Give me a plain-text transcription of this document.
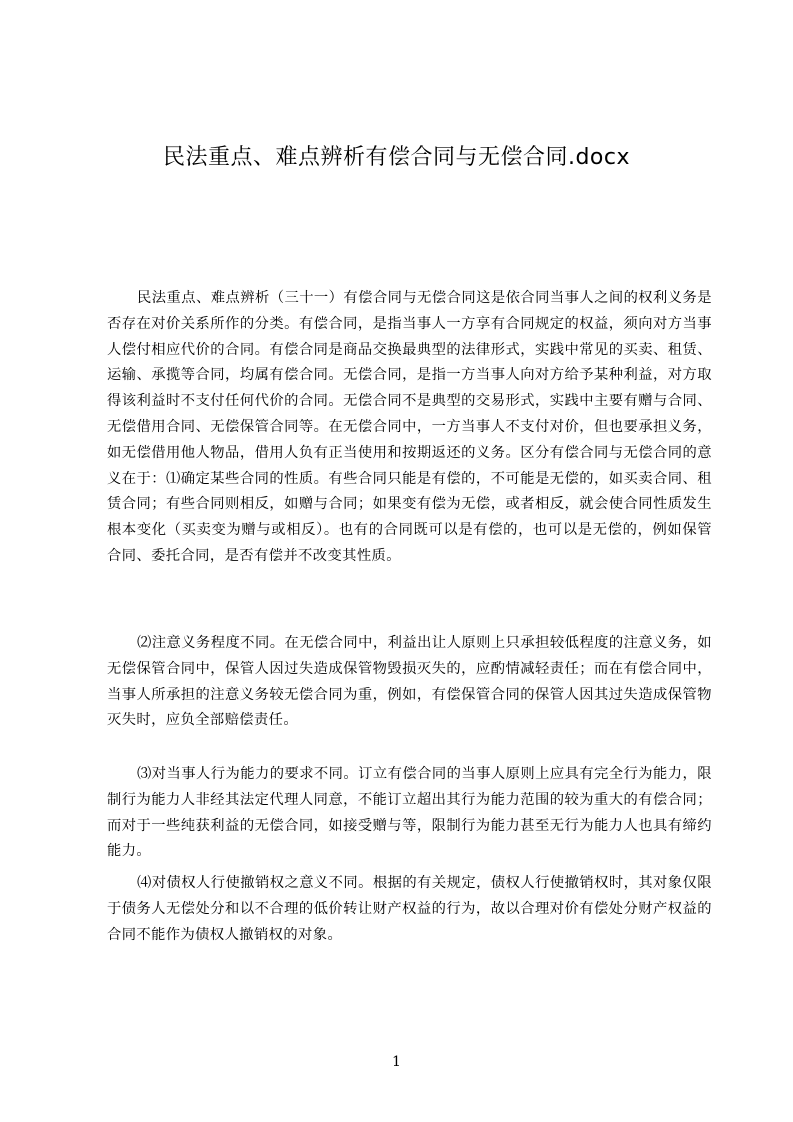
民法重点、难点辨析有偿合同与无偿合同.docx

民法重点、难点辨析（三十一）有偿合同与无偿合同这是依合同当事人之间的权利义务是否存在对价关系所作的分类。有偿合同，是指当事人一方享有合同规定的权益，须向对方当事人偿付相应代价的合同。有偿合同是商品交换最典型的法律形式，实践中常见的买卖、租赁、运输、承揽等合同，均属有偿合同。无偿合同，是指一方当事人向对方给予某种利益，对方取得该利益时不支付任何代价的合同。无偿合同不是典型的交易形式，实践中主要有赠与合同、无偿借用合同、无偿保管合同等。在无偿合同中，一方当事人不支付对价，但也要承担义务，如无偿借用他人物品，借用人负有正当使用和按期返还的义务。区分有偿合同与无偿合同的意义在于：⑴确定某些合同的性质。有些合同只能是有偿的，不可能是无偿的，如买卖合同、租赁合同；有些合同则相反，如赠与合同；如果变有偿为无偿，或者相反，就会使合同性质发生根本变化（买卖变为赠与或相反）。也有的合同既可以是有偿的，也可以是无偿的，例如保管合同、委托合同，是否有偿并不改变其性质。

⑵注意义务程度不同。在无偿合同中，利益出让人原则上只承担较低程度的注意义务，如无偿保管合同中，保管人因过失造成保管物毁损灭失的，应酌情减轻责任；而在有偿合同中，当事人所承担的注意义务较无偿合同为重，例如，有偿保管合同的保管人因其过失造成保管物灭失时，应负全部赔偿责任。

⑶对当事人行为能力的要求不同。订立有偿合同的当事人原则上应具有完全行为能力，限制行为能力人非经其法定代理人同意，不能订立超出其行为能力范围的较为重大的有偿合同；而对于一些纯获利益的无偿合同，如接受赠与等，限制行为能力甚至无行为能力人也具有缔约能力。

⑷对债权人行使撤销权之意义不同。根据的有关规定，债权人行使撤销权时，其对象仅限于债务人无偿处分和以不合理的低价转让财产权益的行为，故以合理对价有偿处分财产权益的合同不能作为债权人撤销权的对象。

1
